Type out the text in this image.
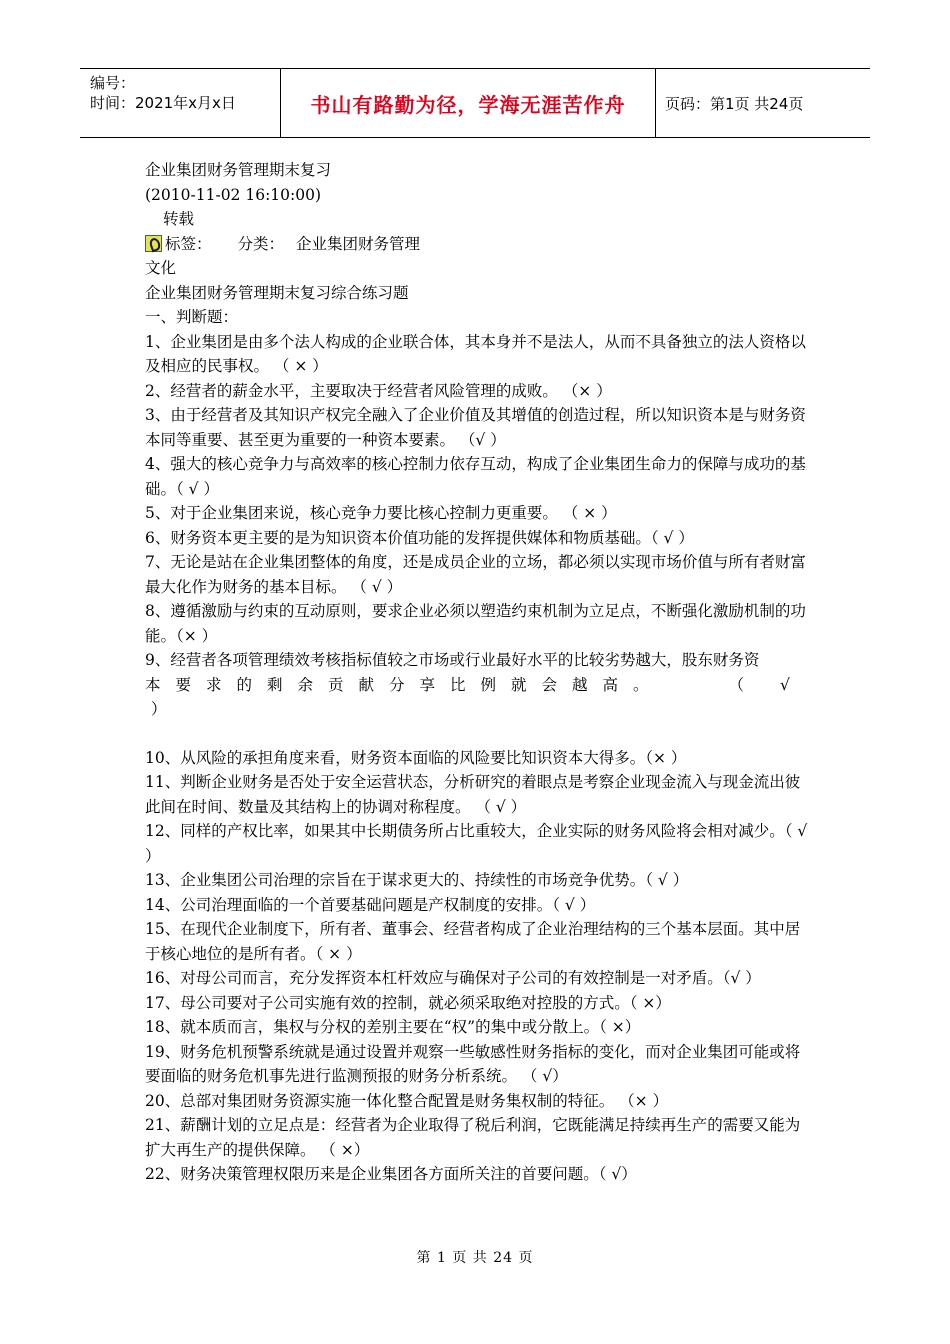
编号：
时间：2021年x月x日	书山有路勤为径，学海无涯苦作舟	页码：第1页 共24页

企业集团财务管理期末复习

(2010-11-02 16:10:00)

转载

标签： 分类： 企业集团财务管理

文化

企业集团财务管理期末复习综合练习题

一、判断题：

1、企业集团是由多个法人构成的企业联合体，其本身并不是法人，从而不具备独立的法人资格以及相应的民事权。 （ × ）

2、经营者的薪金水平，主要取决于经营者风险管理的成败。 （× ）

3、由于经营者及其知识产权完全融入了企业价值及其增值的创造过程，所以知识资本是与财务资本同等重要、甚至更为重要的一种资本要素。 （√ ）

4、强大的核心竞争力与高效率的核心控制力依存互动，构成了企业集团生命力的保障与成功的基础。（ √ ）

5、对于企业集团来说，核心竞争力要比核心控制力更重要。 （ × ）

6、财务资本更主要的是为知识资本价值功能的发挥提供媒体和物质基础。（ √ ）

7、无论是站在企业集团整体的角度，还是成员企业的立场，都必须以实现市场价值与所有者财富最大化作为财务的基本目标。 （ √ ）

8、遵循激励与约束的互动原则，要求企业必须以塑造约束机制为立足点，不断强化激励机制的功能。（× ）

9、经营者各项管理绩效考核指标值较之市场或行业最好水平的比较劣势越大，股东财务资

本要求的剩余贡献分享比例就会越高。	（ √

）

10、从风险的承担角度来看，财务资本面临的风险要比知识资本大得多。（× ）

11、判断企业财务是否处于安全运营状态，分析研究的着眼点是考察企业现金流入与现金流出彼此间在时间、数量及其结构上的协调对称程度。 （ √ ）

12、同样的产权比率，如果其中长期债务所占比重较大，企业实际的财务风险将会相对减少。（ √ ）

13、企业集团公司治理的宗旨在于谋求更大的、持续性的市场竞争优势。（ √ ）

14、公司治理面临的一个首要基础问题是产权制度的安排。（ √ ）

15、在现代企业制度下，所有者、董事会、经营者构成了企业治理结构的三个基本层面。其中居于核心地位的是所有者。（ × ）

16、对母公司而言，充分发挥资本杠杆效应与确保对子公司的有效控制是一对矛盾。（√ ）

17、母公司要对子公司实施有效的控制，就必须采取绝对控股的方式。（ ×）

18、就本质而言，集权与分权的差别主要在“权”的集中或分散上。（ ×）

19、财务危机预警系统就是通过设置并观察一些敏感性财务指标的变化，而对企业集团可能或将要面临的财务危机事先进行监测预报的财务分析系统。 （ √）

20、总部对集团财务资源实施一体化整合配置是财务集权制的特征。 （× ）

21、薪酬计划的立足点是：经营者为企业取得了税后利润，它既能满足持续再生产的需要又能为扩大再生产的提供保障。 （ ×）

22、财务决策管理权限历来是企业集团各方面所关注的首要问题。（ √）

第 1 页 共 24 页
